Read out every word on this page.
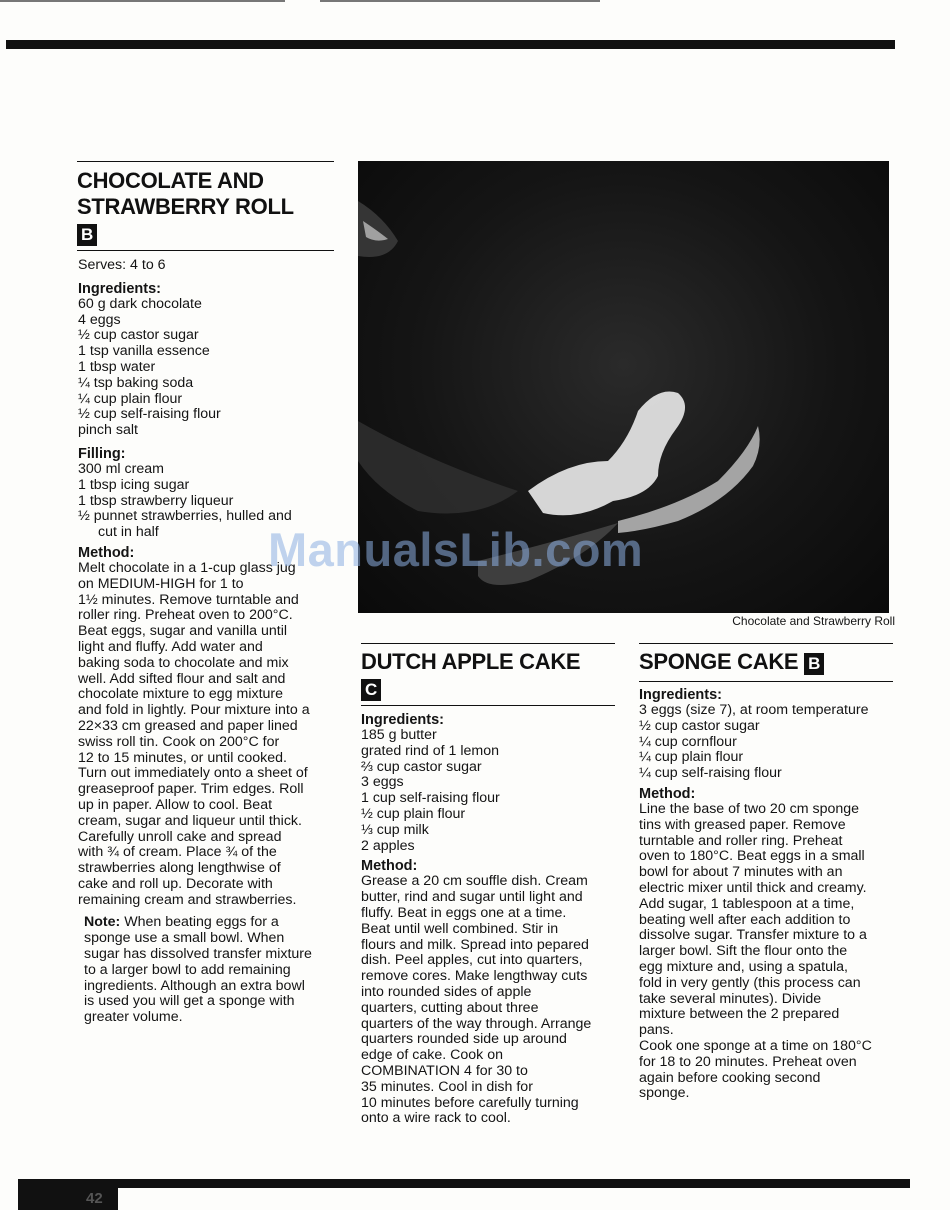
CHOCOLATE AND
STRAWBERRY ROLL
B

Serves: 4 to 6

Ingredients:

60 g dark chocolate

4 eggs

½ cup castor sugar

1 tsp vanilla essence

1 tbsp water

¼ tsp baking soda

¼ cup plain flour

½ cup self-raising flour

pinch salt

Filling:

300 ml cream

1 tbsp icing sugar

1 tbsp strawberry liqueur

½ punnet strawberries, hulled and

cut in half

Method:

Melt chocolate in a 1-cup glass jug

on MEDIUM-HIGH for 1 to

1½ minutes. Remove turntable and

roller ring. Preheat oven to 200°C.

Beat eggs, sugar and vanilla until

light and fluffy. Add water and

baking soda to chocolate and mix

well. Add sifted flour and salt and

chocolate mixture to egg mixture

and fold in lightly. Pour mixture into a

22×33 cm greased and paper lined

swiss roll tin. Cook on 200°C for

12 to 15 minutes, or until cooked.

Turn out immediately onto a sheet of

greaseproof paper. Trim edges. Roll

up in paper. Allow to cool. Beat

cream, sugar and liqueur until thick.

Carefully unroll cake and spread

with ¾ of cream. Place ¾ of the

strawberries along lengthwise of

cake and roll up. Decorate with

remaining cream and strawberries.

Note: When beating eggs for a

sponge use a small bowl. When

sugar has dissolved transfer mixture

to a larger bowl to add remaining

ingredients. Although an extra bowl

is used you will get a sponge with

greater volume.

Chocolate and Strawberry Roll
DUTCH APPLE CAKE
C
Ingredients:

185 g butter

grated rind of 1 lemon

⅔ cup castor sugar

3 eggs

1 cup self-raising flour

½ cup plain flour

⅓ cup milk

2 apples

Method:

Grease a 20 cm souffle dish. Cream

butter, rind and sugar until light and

fluffy. Beat in eggs one at a time.

Beat until well combined. Stir in

flours and milk. Spread into pepared

dish. Peel apples, cut into quarters,

remove cores. Make lengthway cuts

into rounded sides of apple

quarters, cutting about three

quarters of the way through. Arrange

quarters rounded side up around

edge of cake. Cook on

COMBINATION 4 for 30 to

35 minutes. Cool in dish for

10 minutes before carefully turning

onto a wire rack to cool.

SPONGE CAKE B
Ingredients:

3 eggs (size 7), at room temperature

½ cup castor sugar

¼ cup cornflour

¼ cup plain flour

¼ cup self-raising flour

Method:

Line the base of two 20 cm sponge

tins with greased paper. Remove

turntable and roller ring. Preheat

oven to 180°C. Beat eggs in a small

bowl for about 7 minutes with an

electric mixer until thick and creamy.

Add sugar, 1 tablespoon at a time,

beating well after each addition to

dissolve sugar. Transfer mixture to a

larger bowl. Sift the flour onto the

egg mixture and, using a spatula,

fold in very gently (this process can

take several minutes). Divide

mixture between the 2 prepared

pans.

Cook one sponge at a time on 180°C

for 18 to 20 minutes. Preheat oven

again before cooking second

sponge.

ManualsLib.com
42
